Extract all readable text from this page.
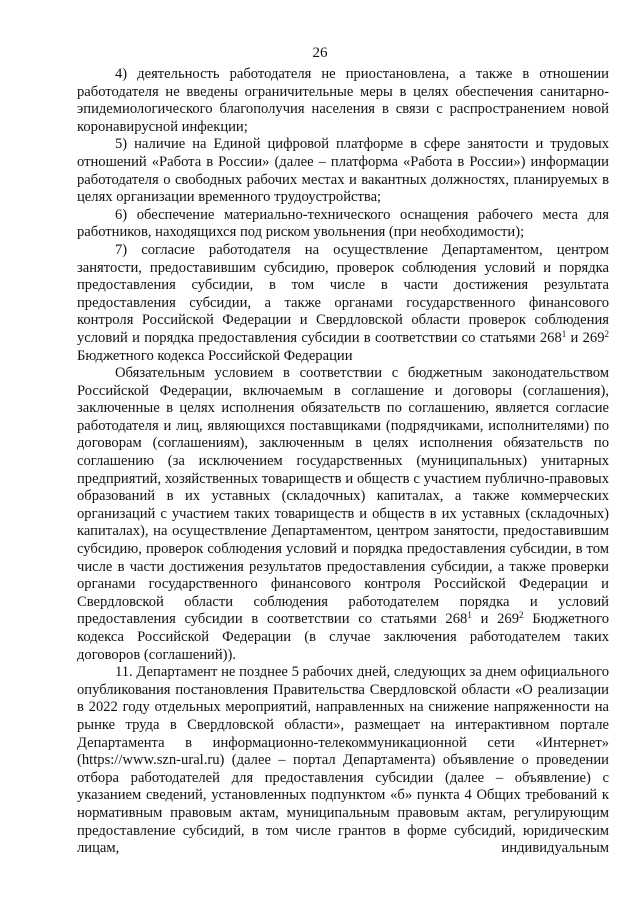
26

4) деятельность работодателя не приостановлена, а также в отношении работодателя не введены ограничительные меры в целях обеспечения санитарно-эпидемиологического благополучия населения в связи с распространением новой коронавирусной инфекции;

5) наличие на Единой цифровой платформе в сфере занятости и трудовых отношений «Работа в России» (далее – платформа «Работа в России») информации работодателя о свободных рабочих местах и вакантных должностях, планируемых в целях организации временного трудоустройства;

6) обеспечение материально-технического оснащения рабочего места для работников, находящихся под риском увольнения (при необходимости);

7) согласие работодателя на осуществление Департаментом, центром занятости, предоставившим субсидию, проверок соблюдения условий и порядка предоставления субсидии, в том числе в части достижения результата предоставления субсидии, а также органами государственного финансового контроля Российской Федерации и Свердловской области проверок соблюдения условий и порядка предоставления субсидии в соответствии со статьями $268^1$ и $269^2$ Бюджетного кодекса Российской Федерации

Обязательным условием в соответствии с бюджетным законодательством Российской Федерации, включаемым в соглашение и договоры (соглашения), заключенные в целях исполнения обязательств по соглашению, является согласие работодателя и лиц, являющихся поставщиками (подрядчиками, исполнителями) по договорам (соглашениям), заключенным в целях исполнения обязательств по соглашению (за исключением государственных (муниципальных) унитарных предприятий, хозяйственных товариществ и обществ с участием публично-правовых образований в их уставных (складочных) капиталах, а также коммерческих организаций с участием таких товариществ и обществ в их уставных (складочных) капиталах), на осуществление Департаментом, центром занятости, предоставившим субсидию, проверок соблюдения условий и порядка предоставления субсидии, в том числе в части достижения результатов предоставления субсидии, а также проверки органами государственного финансового контроля Российской Федерации и Свердловской области соблюдения работодателем порядка и условий предоставления субсидии в соответствии со статьями $268^1$ и $269^2$ Бюджетного кодекса Российской Федерации (в случае заключения работодателем таких договоров (соглашений)).

11. Департамент не позднее 5 рабочих дней, следующих за днем официального опубликования постановления Правительства Свердловской области «О реализации в 2022 году отдельных мероприятий, направленных на снижение напряженности на рынке труда в Свердловской области», размещает на интерактивном портале Департамента в информационно-телекоммуникационной сети «Интернет» (https://www.szn-ural.ru) (далее – портал Департамента) объявление о проведении отбора работодателей для предоставления субсидии (далее – объявление) с указанием сведений, установленных подпунктом «б» пункта 4 Общих требований к нормативным правовым актам, муниципальным правовым актам, регулирующим предоставление субсидий, в том числе грантов в форме субсидий, юридическим лицам, индивидуальным
